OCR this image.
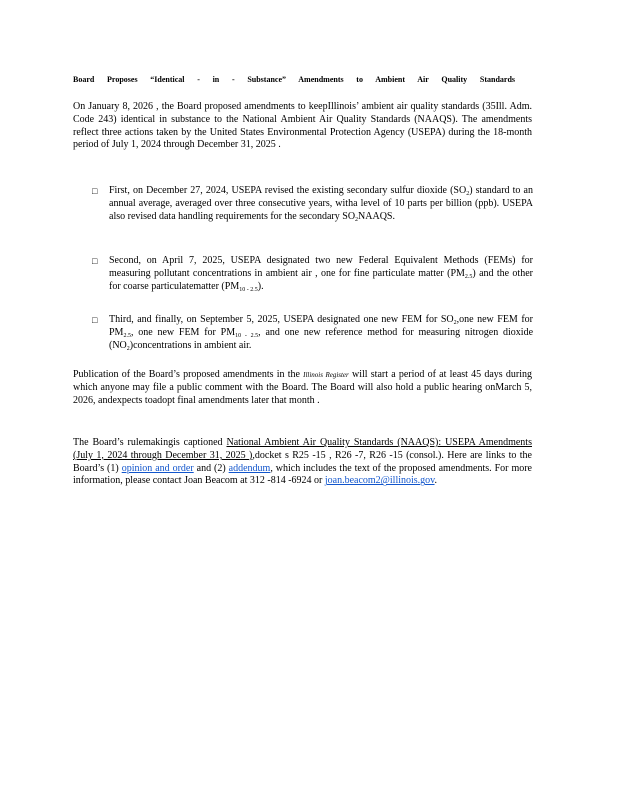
Board Proposes “Identical - in - Substance” Amendments to Ambient Air Quality Standards
On January 8, 2026 , the Board proposed amendments to keepIllinois’ ambient air quality standards (35Ill. Adm. Code 243) identical in substance to the National Ambient Air Quality Standards (NAAQS). The amendments reflect three actions taken by the United States Environmental Protection Agency (USEPA) during the 18-month period of July 1, 2024 through December 31, 2025 .
□	First, on December 27, 2024, USEPA revised the existing secondary sulfur dioxide $(SO_2)$ standard to an annual average, averaged over three consecutive years, witha level of 10 parts per billion (ppb). USEPA also revised data handling requirements for the secondary $SO_2NAAQS$.
□	Second, on April 7, 2025, USEPA designated two new Federal Equivalent Methods (FEMs) for measuring pollutant concentrations in ambient air , one for fine particulate matter $(PM_{2.5})$ and the other for coarse particulatematter $(PM_{10 - 2.5})$.
□	Third, and finally, on September 5, 2025, USEPA designated one new FEM for $SO_2,one$ new FEM for $PM_{2.5}$, one new FEM for $PM_{10 - 2.5}$, and one new reference method for measuring nitrogen dioxide $(NO_2)concentrations$ in ambient air.
Publication of the Board’s proposed amendments in the Illinois Register will start a period of at least 45 days during which anyone may file a public comment with the Board. The Board will also hold a public hearing onMarch 5, 2026, andexpects toadopt final amendments later that month .
The Board’s rulemakingis captioned National Ambient Air Quality Standards (NAAQS): USEPA Amendments (July 1, 2024 through December 31, 2025 ),docket s R25 -15 , R26 -7, R26 -15 (consol.). Here are links to the Board’s (1) opinion and order and (2) addendum, which includes the text of the proposed amendments. For more information, please contact Joan Beacom at 312 -814 -6924 or joan.beacom2@illinois.gov.
